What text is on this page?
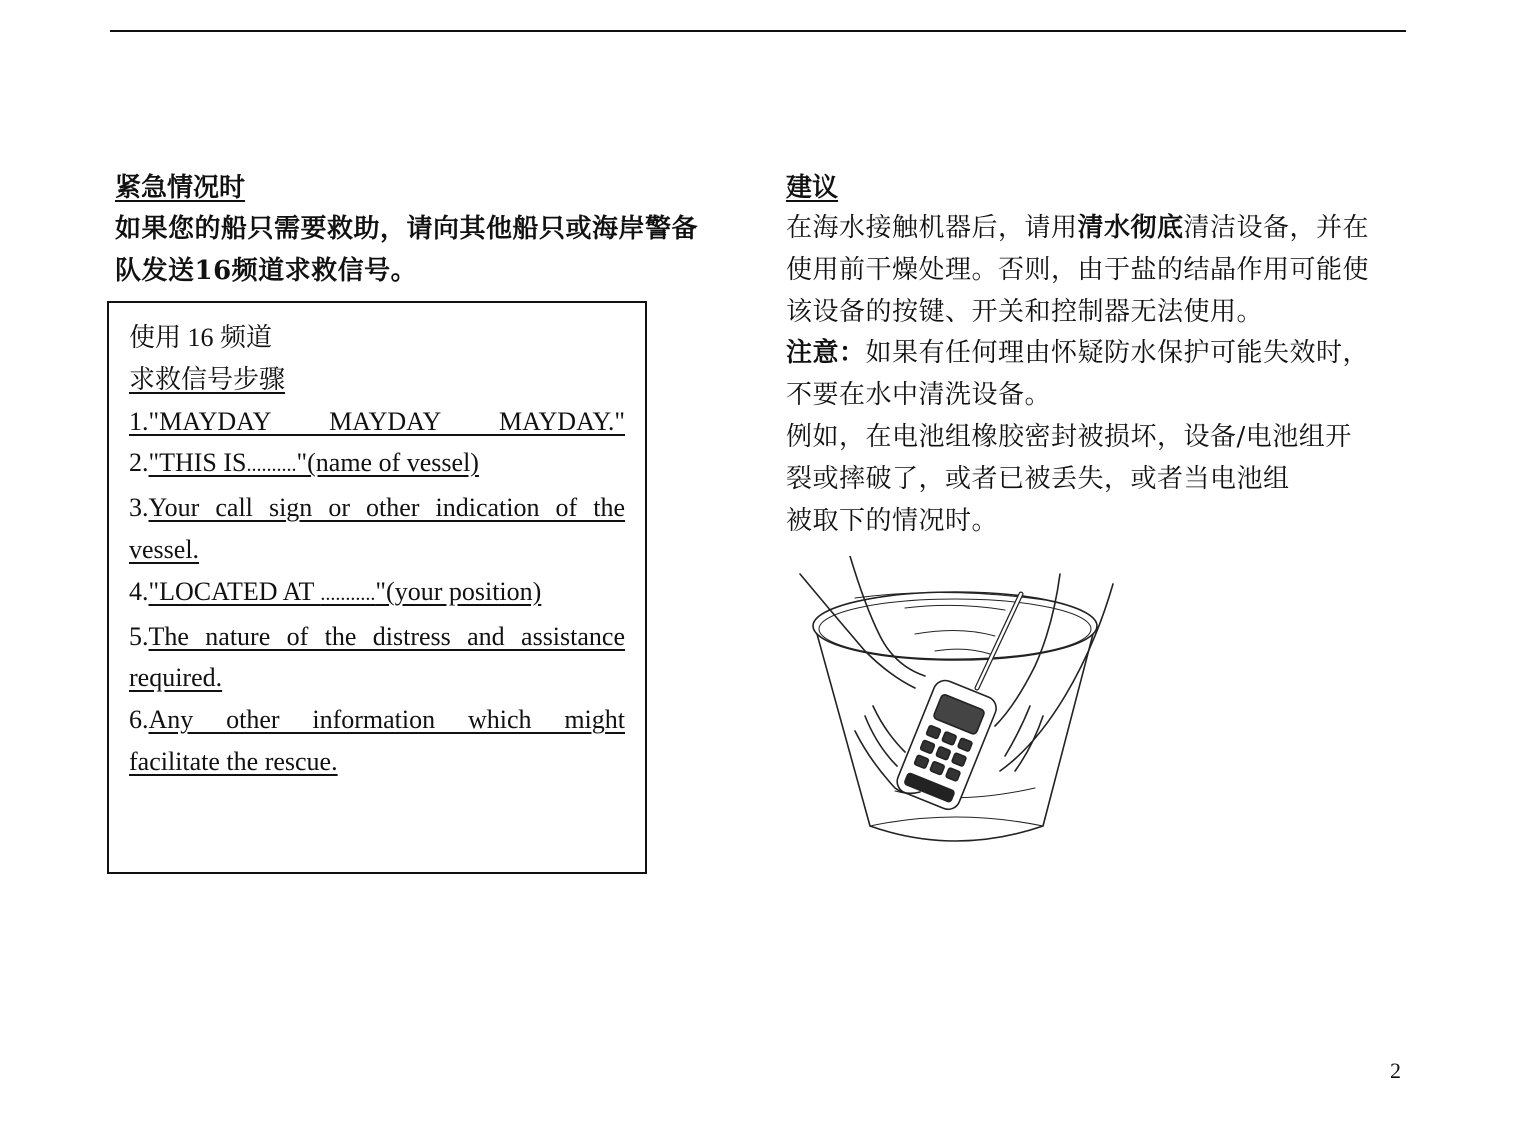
紧急情况时

如果您的船只需要救助，请向其他船只或海岸警备

队发送16频道求救信号。

使用 16 频道

求救信号步骤

1."MAYDAY MAYDAY MAYDAY."

2."THIS IS.........."(name of vessel)

3.Your call sign or other indication of the

vessel.

4."LOCATED AT ..........."(your position)

5.The nature of the distress and assistance

required.

6.Any other information which might

facilitate the rescue.

建议

在海水接触机器后，请用清水彻底清洁设备，并在

使用前干燥处理。否则，由于盐的结晶作用可能使

该设备的按键、开关和控制器无法使用。

注意：如果有任何理由怀疑防水保护可能失效时，

不要在水中清洗设备。

例如，在电池组橡胶密封被损坏，设备/电池组开

裂或摔破了，或者已被丢失，或者当电池组

被取下的情况时。

2
